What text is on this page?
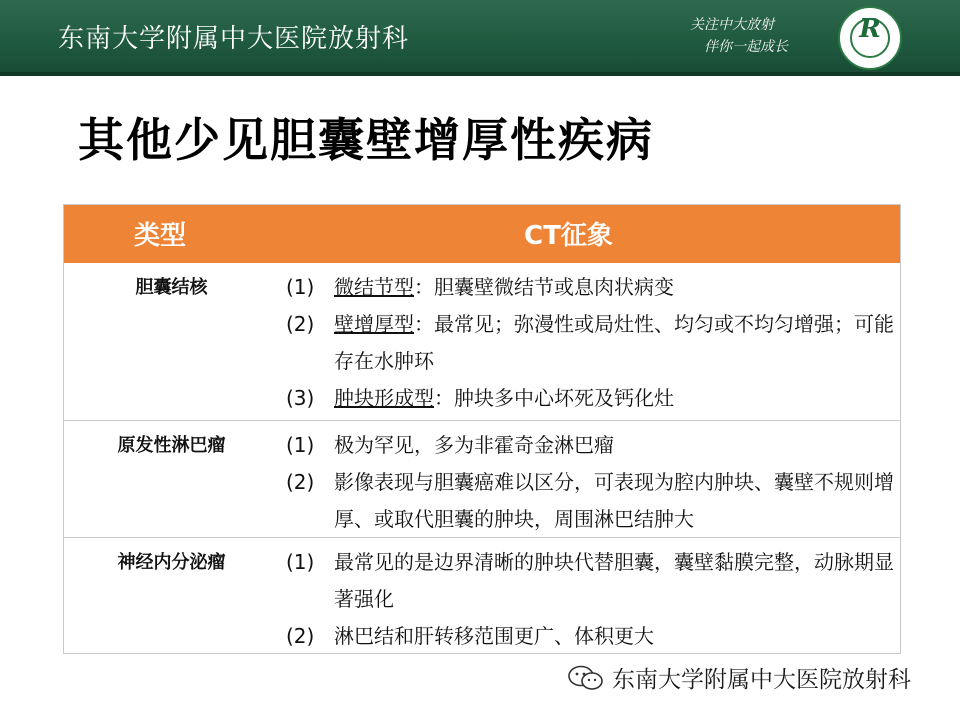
东南大学附属中大医院放射科	关注中大放射
伴你一起成长
R
其他少见胆囊壁增厚性疾病
类型	CT征象
胆囊结核	(1) 微结节型：胆囊壁微结节或息肉状病变
(2) 壁增厚型：最常见；弥漫性或局灶性、均匀或不均匀增强；可能存在水肿环
(3) 肿块形成型：肿块多中心坏死及钙化灶
原发性淋巴瘤	(1) 极为罕见，多为非霍奇金淋巴瘤
(2) 影像表现与胆囊癌难以区分，可表现为腔内肿块、囊壁不规则增厚、或取代胆囊的肿块，周围淋巴结肿大
神经内分泌瘤	(1) 最常见的是边界清晰的肿块代替胆囊，囊壁黏膜完整，动脉期显著强化
(2) 淋巴结和肝转移范围更广、体积更大
东南大学附属中大医院放射科
